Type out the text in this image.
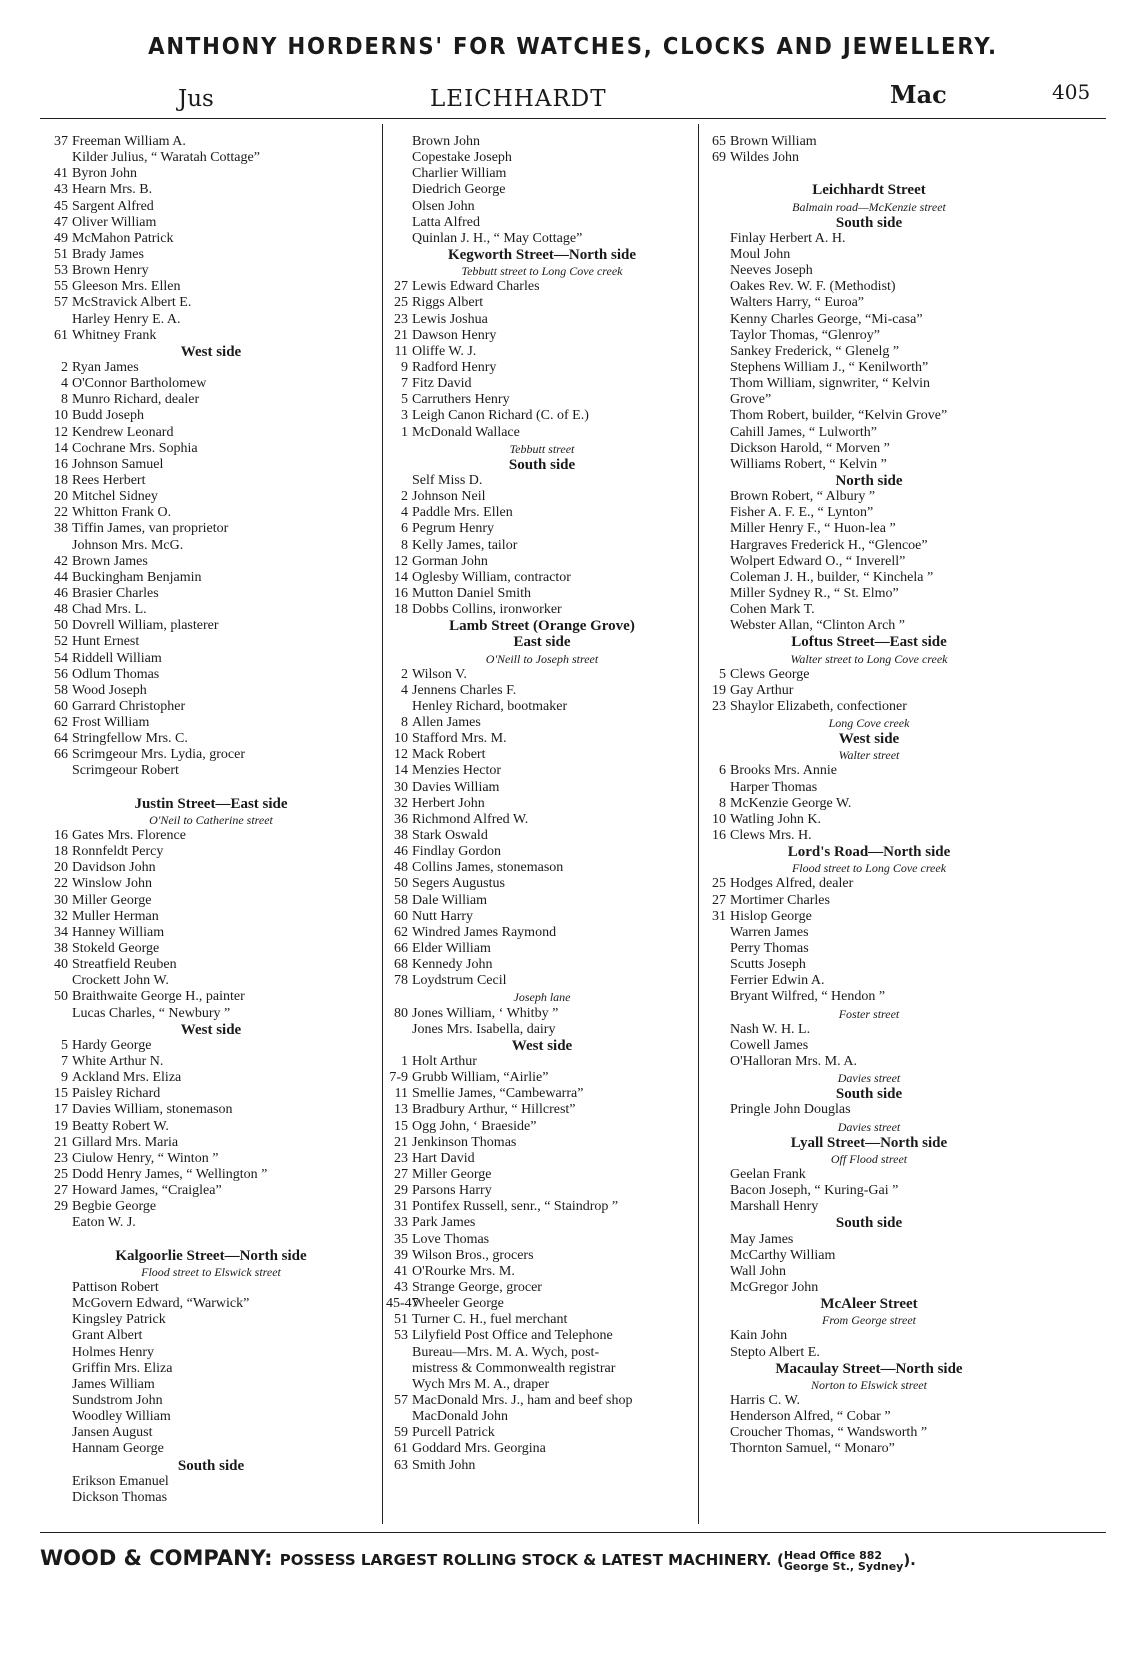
ANTHONY HORDERNS' FOR WATCHES, CLOCKS AND JEWELLERY.
Jus	LEICHHARDT	Mac	405
37 Freeman William A.
Kilder Julius, “ Waratah Cottage”
41 Byron John
43 Hearn Mrs. B.
45 Sargent Alfred
47 Oliver William
49 McMahon Patrick
51 Brady James
53 Brown Henry
55 Gleeson Mrs. Ellen
57 McStravick Albert E.
Harley Henry E. A.
61 Whitney Frank
West side
2 Ryan James
4 O'Connor Bartholomew
8 Munro Richard, dealer
10 Budd Joseph
12 Kendrew Leonard
14 Cochrane Mrs. Sophia
16 Johnson Samuel
18 Rees Herbert
20 Mitchel Sidney
22 Whitton Frank O.
38 Tiffin James, van proprietor
Johnson Mrs. McG.
42 Brown James
44 Buckingham Benjamin
46 Brasier Charles
48 Chad Mrs. L.
50 Dovrell William, plasterer
52 Hunt Ernest
54 Riddell William
56 Odlum Thomas
58 Wood Joseph
60 Garrard Christopher
62 Frost William
64 Stringfellow Mrs. C.
66 Scrimgeour Mrs. Lydia, grocer
Scrimgeour Robert
Justin Street—East side
O'Neil to Catherine street
16 Gates Mrs. Florence
18 Ronnfeldt Percy
20 Davidson John
22 Winslow John
30 Miller George
32 Muller Herman
34 Hanney William
38 Stokeld George
40 Streatfield Reuben
Crockett John W.
50 Braithwaite George H., painter
Lucas Charles, “ Newbury ”
West side
5 Hardy George
7 White Arthur N.
9 Ackland Mrs. Eliza
15 Paisley Richard
17 Davies William, stonemason
19 Beatty Robert W.
21 Gillard Mrs. Maria
23 Ciulow Henry, “ Winton ”
25 Dodd Henry James, “ Wellington ”
27 Howard James, “Craiglea”
29 Begbie George
Eaton W. J.
Kalgoorlie Street—North side
Flood street to Elswick street
Pattison Robert
McGovern Edward, “Warwick”
Kingsley Patrick
Grant Albert
Holmes Henry
Griffin Mrs. Eliza
James William
Sundstrom John
Woodley William
Jansen August
Hannam George
South side
Erikson Emanuel
Dickson Thomas
Brown John
Copestake Joseph
Charlier William
Diedrich George
Olsen John
Latta Alfred
Quinlan J. H., “ May Cottage”
Kegworth Street—North side
Tebbutt street to Long Cove creek
27 Lewis Edward Charles
25 Riggs Albert
23 Lewis Joshua
21 Dawson Henry
11 Oliffe W. J.
9 Radford Henry
7 Fitz David
5 Carruthers Henry
3 Leigh Canon Richard (C. of E.)
1 McDonald Wallace
Tebbutt street
South side
Self Miss D.
2 Johnson Neil
4 Paddle Mrs. Ellen
6 Pegrum Henry
8 Kelly James, tailor
12 Gorman John
14 Oglesby William, contractor
16 Mutton Daniel Smith
18 Dobbs Collins, ironworker
Lamb Street (Orange Grove)
East side
O'Neill to Joseph street
2 Wilson V.
4 Jennens Charles F.
Henley Richard, bootmaker
8 Allen James
10 Stafford Mrs. M.
12 Mack Robert
14 Menzies Hector
30 Davies William
32 Herbert John
36 Richmond Alfred W.
38 Stark Oswald
46 Findlay Gordon
48 Collins James, stonemason
50 Segers Augustus
58 Dale William
60 Nutt Harry
62 Windred James Raymond
66 Elder William
68 Kennedy John
78 Loydstrum Cecil
Joseph lane
80 Jones William, ‘ Whitby ”
Jones Mrs. Isabella, dairy
West side
1 Holt Arthur
7-9 Grubb William, “Airlie”
11 Smellie James, “Cambewarra”
13 Bradbury Arthur, “ Hillcrest”
15 Ogg John, ‘ Braeside”
21 Jenkinson Thomas
23 Hart David
27 Miller George
29 Parsons Harry
31 Pontifex Russell, senr., “ Staindrop ”
33 Park James
35 Love Thomas
39 Wilson Bros., grocers
41 O'Rourke Mrs. M.
43 Strange George, grocer
45-47Wheeler George
51 Turner C. H., fuel merchant
53 Lilyfield Post Office and Telephone
Bureau—Mrs. M. A. Wych, post-
mistress & Commonwealth registrar
Wych Mrs M. A., draper
57 MacDonald Mrs. J., ham and beef shop
MacDonald John
59 Purcell Patrick
61 Goddard Mrs. Georgina
63 Smith John
65 Brown William
69 Wildes John
Leichhardt Street
Balmain road—McKenzie street
South side
Finlay Herbert A. H.
Moul John
Neeves Joseph
Oakes Rev. W. F. (Methodist)
Walters Harry, “ Euroa”
Kenny Charles George, “Mi-casa”
Taylor Thomas, “Glenroy”
Sankey Frederick, “ Glenelg ”
Stephens William J., “ Kenilworth”
Thom William, signwriter, “ Kelvin
Grove”
Thom Robert, builder, “Kelvin Grove”
Cahill James, “ Lulworth”
Dickson Harold, “ Morven ”
Williams Robert, “ Kelvin ”
North side
Brown Robert, “ Albury ”
Fisher A. F. E., “ Lynton”
Miller Henry F., “ Huon-lea ”
Hargraves Frederick H., “Glencoe”
Wolpert Edward O., “ Inverell”
Coleman J. H., builder, “ Kinchela ”
Miller Sydney R., “ St. Elmo”
Cohen Mark T.
Webster Allan, “Clinton Arch ”
Loftus Street—East side
Walter street to Long Cove creek
5 Clews George
19 Gay Arthur
23 Shaylor Elizabeth, confectioner
Long Cove creek
West side
Walter street
6 Brooks Mrs. Annie
Harper Thomas
8 McKenzie George W.
10 Watling John K.
16 Clews Mrs. H.
Lord's Road—North side
Flood street to Long Cove creek
25 Hodges Alfred, dealer
27 Mortimer Charles
31 Hislop George
Warren James
Perry Thomas
Scutts Joseph
Ferrier Edwin A.
Bryant Wilfred, “ Hendon ”
Foster street
Nash W. H. L.
Cowell James
O'Halloran Mrs. M. A.
Davies street
South side
Pringle John Douglas
Davies street
Lyall Street—North side
Off Flood street
Geelan Frank
Bacon Joseph, “ Kuring-Gai ”
Marshall Henry
South side
May James
McCarthy William
Wall John
McGregor John
McAleer Street
From George street
Kain John
Stepto Albert E.
Macaulay Street—North side
Norton to Elswick street
Harris C. W.
Henderson Alfred, “ Cobar ”
Croucher Thomas, “ Wandsworth ”
Thornton Samuel, “ Monaro”
WOOD & COMPANY: POSSESS LARGEST ROLLING STOCK & LATEST MACHINERY. (Head Office 882
George St., Sydney).
